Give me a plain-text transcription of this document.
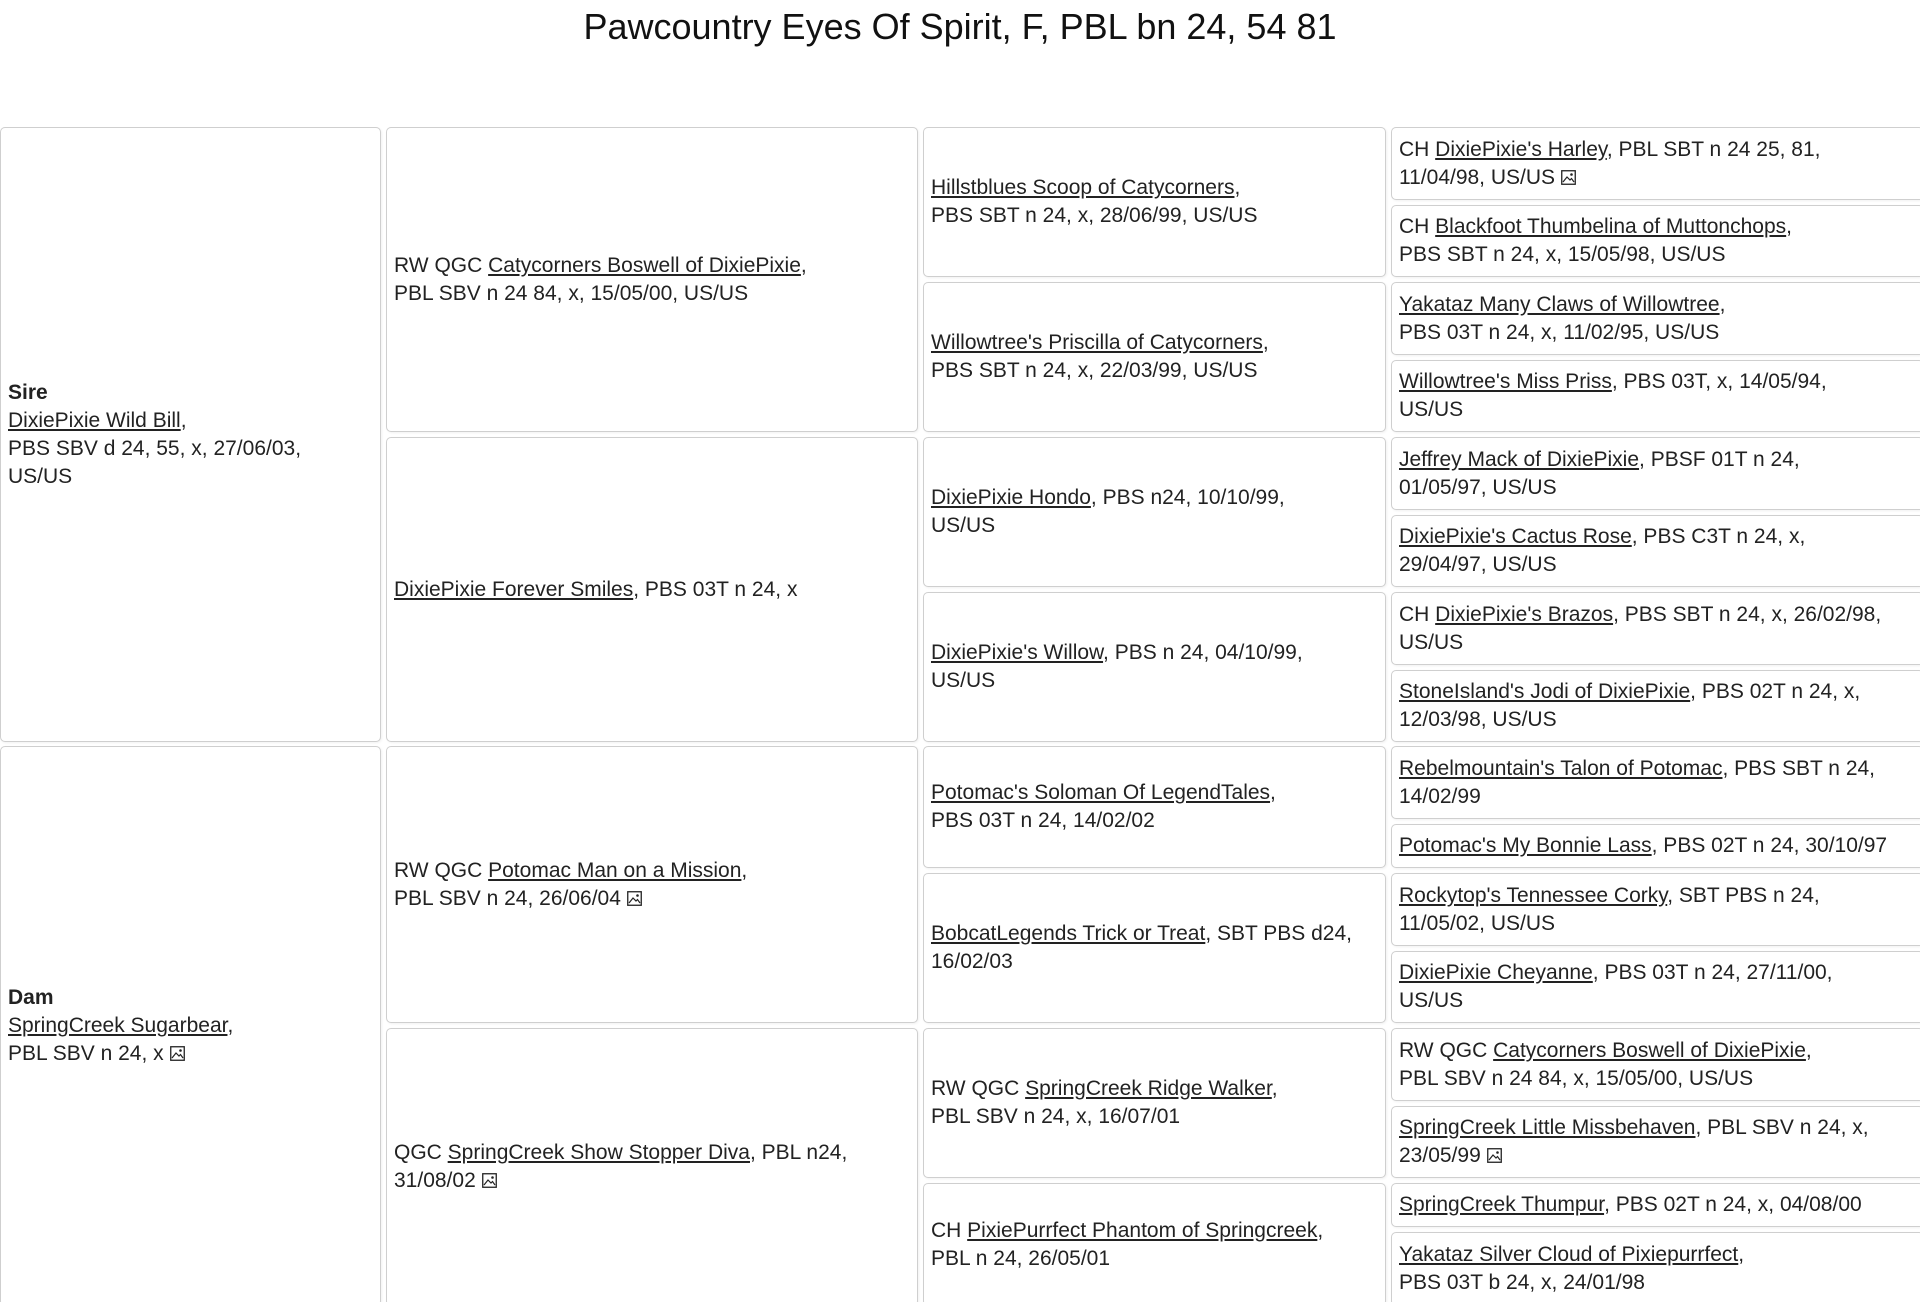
Pawcountry Eyes Of Spirit, F, PBL bn 24, 54 81
Sire
DixiePixie Wild Bill,
PBS SBV d 24, 55, x, 27/06/03,
US/US
Dam
SpringCreek Sugarbear,
PBL SBV n 24, x
RW QGC Catycorners Boswell of DixiePixie,
PBL SBV n 24 84, x, 15/05/00, US/US
DixiePixie Forever Smiles, PBS 03T n 24, x
RW QGC Potomac Man on a Mission,
PBL SBV n 24, 26/06/04
QGC SpringCreek Show Stopper Diva, PBL n24,
31/08/02
Hillstblues Scoop of Catycorners,
PBS SBT n 24, x, 28/06/99, US/US
Willowtree's Priscilla of Catycorners,
PBS SBT n 24, x, 22/03/99, US/US
DixiePixie Hondo, PBS n24, 10/10/99,
US/US
DixiePixie's Willow, PBS n 24, 04/10/99,
US/US
Potomac's Soloman Of LegendTales,
PBS 03T n 24, 14/02/02
BobcatLegends Trick or Treat, SBT PBS d24,
16/02/03
RW QGC SpringCreek Ridge Walker,
PBL SBV n 24, x, 16/07/01
CH PixiePurrfect Phantom of Springcreek,
PBL n 24, 26/05/01
CH DixiePixie's Harley, PBL SBT n 24 25, 81,
11/04/98, US/US
CH Blackfoot Thumbelina of Muttonchops,
PBS SBT n 24, x, 15/05/98, US/US
Yakataz Many Claws of Willowtree,
PBS 03T n 24, x, 11/02/95, US/US
Willowtree's Miss Priss, PBS 03T, x, 14/05/94,
US/US
Jeffrey Mack of DixiePixie, PBSF 01T n 24,
01/05/97, US/US
DixiePixie's Cactus Rose, PBS C3T n 24, x,
29/04/97, US/US
CH DixiePixie's Brazos, PBS SBT n 24, x, 26/02/98,
US/US
StoneIsland's Jodi of DixiePixie, PBS 02T n 24, x,
12/03/98, US/US
Rebelmountain's Talon of Potomac, PBS SBT n 24,
14/02/99
Potomac's My Bonnie Lass, PBS 02T n 24, 30/10/97
Rockytop's Tennessee Corky, SBT PBS n 24,
11/05/02, US/US
DixiePixie Cheyanne, PBS 03T n 24, 27/11/00,
US/US
RW QGC Catycorners Boswell of DixiePixie,
PBL SBV n 24 84, x, 15/05/00, US/US
SpringCreek Little Missbehaven, PBL SBV n 24, x,
23/05/99
SpringCreek Thumpur, PBS 02T n 24, x, 04/08/00
Yakataz Silver Cloud of Pixiepurrfect,
PBS 03T b 24, x, 24/01/98
